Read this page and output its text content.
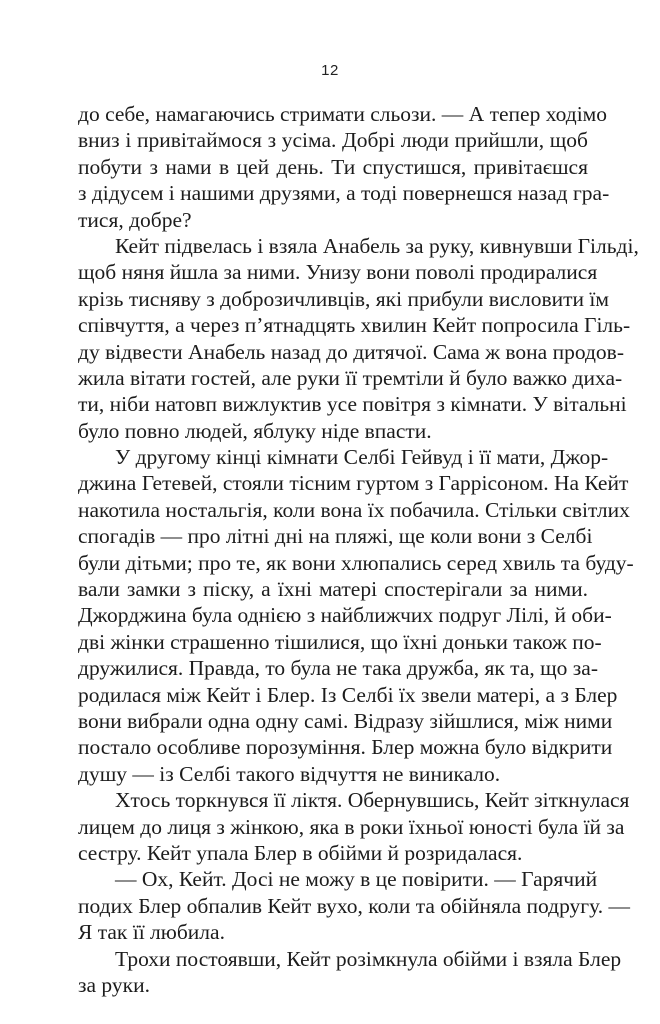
12
до себе, намагаючись стримати сльози. — А тепер ходімо
вниз і привітаймося з усіма. Добрі люди прийшли, щоб
побути з нами в цей день. Ти спустишся, привітаєшся
з дідусем і нашими друзями, а тоді повернешся назад гра-
тися, добре?
Кейт підвелась і взяла Анабель за руку, кивнувши Гільді,
щоб няня йшла за ними. Унизу вони поволі продиралися
крізь тисняву з доброзичливців, які прибули висловити їм
співчуття, а через п’ятнадцять хвилин Кейт попросила Гіль-
ду відвести Анабель назад до дитячої. Сама ж вона продов-
жила вітати гостей, але руки її тремтіли й було важко диха-
ти, ніби натовп вижлуктив усе повітря з кімнати. У вітальні
було повно людей, яблуку ніде впасти.
У другому кінці кімнати Селбі Гейвуд і її мати, Джор-
джина Гетевей, стояли тісним гуртом з Гаррісоном. На Кейт
накотила ностальгія, коли вона їх побачила. Стільки світлих
спогадів — про літні дні на пляжі, ще коли вони з Селбі
були дітьми; про те, як вони хлюпались серед хвиль та буду-
вали замки з піску, а їхні матері спостерігали за ними.
Джорджина була однією з найближчих подруг Лілі, й оби-
дві жінки страшенно тішилися, що їхні доньки також по-
дружилися. Правда, то була не така дружба, як та, що за-
родилася між Кейт і Блер. Із Селбі їх звели матері, а з Блер
вони вибрали одна одну самі. Відразу зійшлися, між ними
постало особливе порозуміння. Блер можна було відкрити
душу — із Селбі такого відчуття не виникало.
Хтось торкнувся її ліктя. Обернувшись, Кейт зіткнулася
лицем до лиця з жінкою, яка в роки їхньої юності була їй за
сестру. Кейт упала Блер в обійми й розридалася.
— Ох, Кейт. Досі не можу в це повірити. — Гарячий
подих Блер обпалив Кейт вухо, коли та обійняла подругу. —
Я так її любила.
Трохи постоявши, Кейт розімкнула обійми і взяла Блер
за руки.
